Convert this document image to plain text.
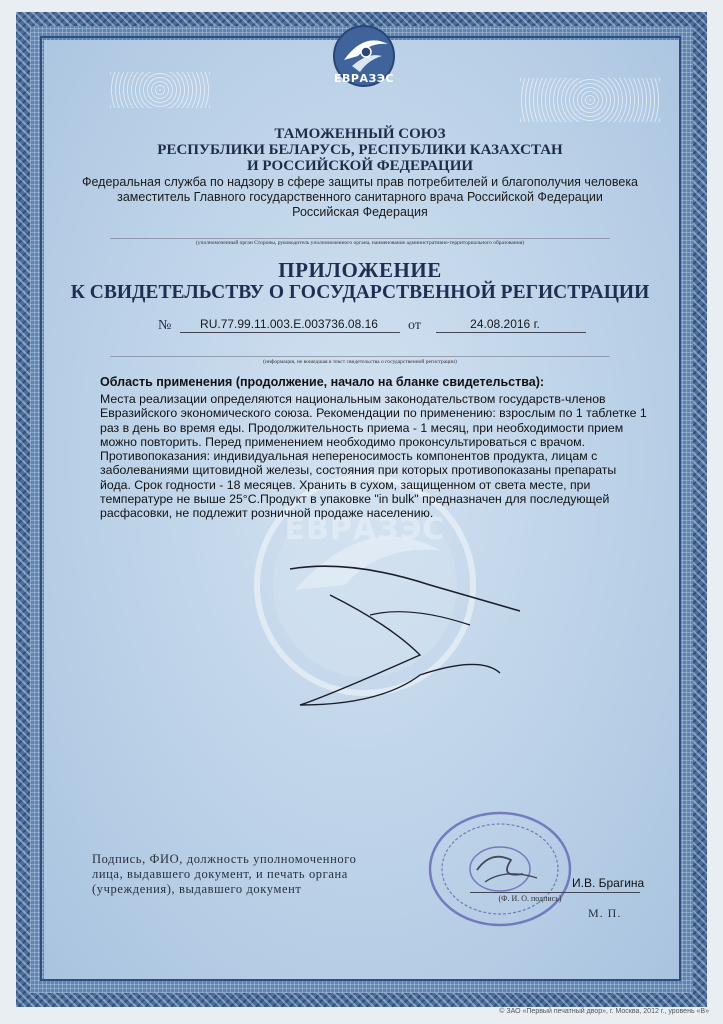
ЕВРАЗЭС
ЕВРАЗЭС
ТАМОЖЕННЫЙ СОЮЗ
РЕСПУБЛИКИ БЕЛАРУСЬ, РЕСПУБЛИКИ КАЗАХСТАН
И РОССИЙСКОЙ ФЕДЕРАЦИИ
Федеральная служба по надзору в сфере защиты прав потребителей и благополучия человека
заместитель Главного государственного санитарного врача Российской Федерации
Российская Федерация
(уполномоченный орган Стороны, руководитель уполномоченного органа, наименование административно-территориального образования)
ПРИЛОЖЕНИЕ
К СВИДЕТЕЛЬСТВУ О ГОСУДАРСТВЕННОЙ РЕГИСТРАЦИИ
№	RU.77.99.11.003.E.003736.08.16	от	24.08.2016 г.
(информация, не вошедшая в текст свидетельства о государственной регистрации)
Область применения (продолжение, начало на бланке свидетельства):
Места реализации определяются национальным законодательством государств-членов Евразийского экономического союза. Рекомендации по применению: взрослым по 1 таблетке 1 раз в день во время еды. Продолжительность приема - 1 месяц, при необходимости прием можно повторить. Перед применением необходимо проконсультироваться с врачом. Противопоказания: индивидуальная непереносимость компонентов продукта, лицам с заболеваниями щитовидной железы, состояния при которых противопоказаны препараты йода. Срок годности - 18 месяцев. Хранить в сухом, защищенном от света месте, при температуре не выше 25°С.Продукт в упаковке "in bulk" предназначен для последующей расфасовки, не подлежит розничной продаже населению.
Подпись, ФИО, должность уполномоченного
лица, выдавшего документ, и печать органа
(учреждения), выдавшего документ	И.В. Брагина
(Ф. И. О. подпись)
М. П.
© ЗАО «Первый печатный двор», г. Москва, 2012 г., уровень «В»
